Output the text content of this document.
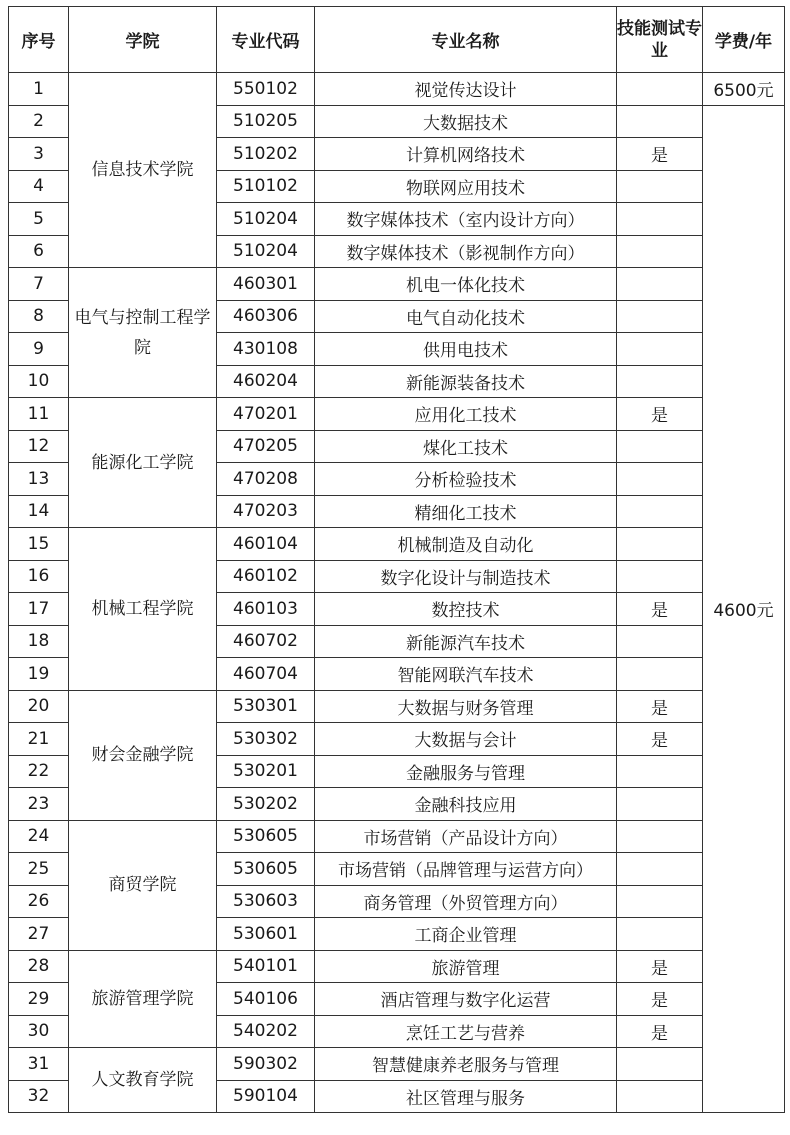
序号	学院	专业代码	专业名称	技能测试专业	学费/年
1	信息技术学院	550102	视觉传达设计		6500元
2		510205	大数据技术		4600元
3		510202	计算机网络技术	是	
4		510102	物联网应用技术		
5		510204	数字媒体技术（室内设计方向）		
6		510204	数字媒体技术（影视制作方向）		
7	电气与控制工程学院	460301	机电一体化技术		
8		460306	电气自动化技术		
9		430108	供用电技术		
10		460204	新能源装备技术		
11	能源化工学院	470201	应用化工技术	是	
12		470205	煤化工技术		
13		470208	分析检验技术		
14		470203	精细化工技术		
15	机械工程学院	460104	机械制造及自动化		
16		460102	数字化设计与制造技术		
17		460103	数控技术	是	
18		460702	新能源汽车技术		
19		460704	智能网联汽车技术		
20	财会金融学院	530301	大数据与财务管理	是	
21		530302	大数据与会计	是	
22		530201	金融服务与管理		
23		530202	金融科技应用		
24	商贸学院	530605	市场营销（产品设计方向）		
25		530605	市场营销（品牌管理与运营方向）		
26		530603	商务管理（外贸管理方向）		
27		530601	工商企业管理		
28	旅游管理学院	540101	旅游管理	是	
29		540106	酒店管理与数字化运营	是	
30		540202	烹饪工艺与营养	是	
31	人文教育学院	590302	智慧健康养老服务与管理		
32		590104	社区管理与服务		
